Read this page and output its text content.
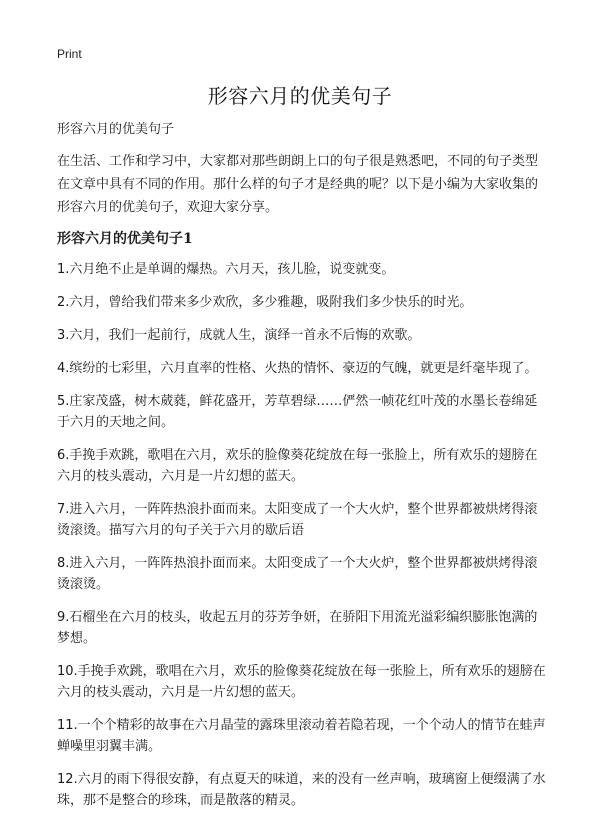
Print
形容六月的优美句子

形容六月的优美句子

在生活、工作和学习中，大家都对那些朗朗上口的句子很是熟悉吧，不同的句子类型在文章中具有不同的作用。那什么样的句子才是经典的呢？以下是小编为大家收集的形容六月的优美句子，欢迎大家分享。

形容六月的优美句子1
1.六月绝不止是单调的爆热。六月天，孩儿脸，说变就变。
2.六月，曾给我们带来多少欢欣，多少雅趣，吸附我们多少快乐的时光。
3.六月，我们一起前行，成就人生，演绎一首永不后悔的欢歌。
4.缤纷的七彩里，六月直率的性格、火热的情怀、豪迈的气魄，就更是纤毫毕现了。
5.庄家茂盛，树木葳蕤，鲜花盛开，芳草碧绿……俨然一帧花红叶茂的水墨长卷绵延于六月的天地之间。
6.手挽手欢跳，歌唱在六月，欢乐的脸像葵花绽放在每一张脸上，所有欢乐的翅膀在六月的枝头震动，六月是一片幻想的蓝天。
7.进入六月，一阵阵热浪扑面而来。太阳变成了一个大火炉，整个世界都被烘烤得滚烫滚烫。描写六月的句子关于六月的歇后语
8.进入六月，一阵阵热浪扑面而来。太阳变成了一个大火炉，整个世界都被烘烤得滚烫滚烫。
9.石榴坐在六月的枝头，收起五月的芬芳争妍，在骄阳下用流光溢彩编织膨胀饱满的梦想。
10.手挽手欢跳，歌唱在六月，欢乐的脸像葵花绽放在每一张脸上，所有欢乐的翅膀在六月的枝头震动，六月是一片幻想的蓝天。
11.一个个精彩的故事在六月晶莹的露珠里滚动着若隐若现，一个个动人的情节在蛙声蝉噪里羽翼丰满。
12.六月的雨下得很安静，有点夏天的味道，来的没有一丝声响，玻璃窗上便缀满了水珠，那不是整合的珍珠，而是散落的精灵。
